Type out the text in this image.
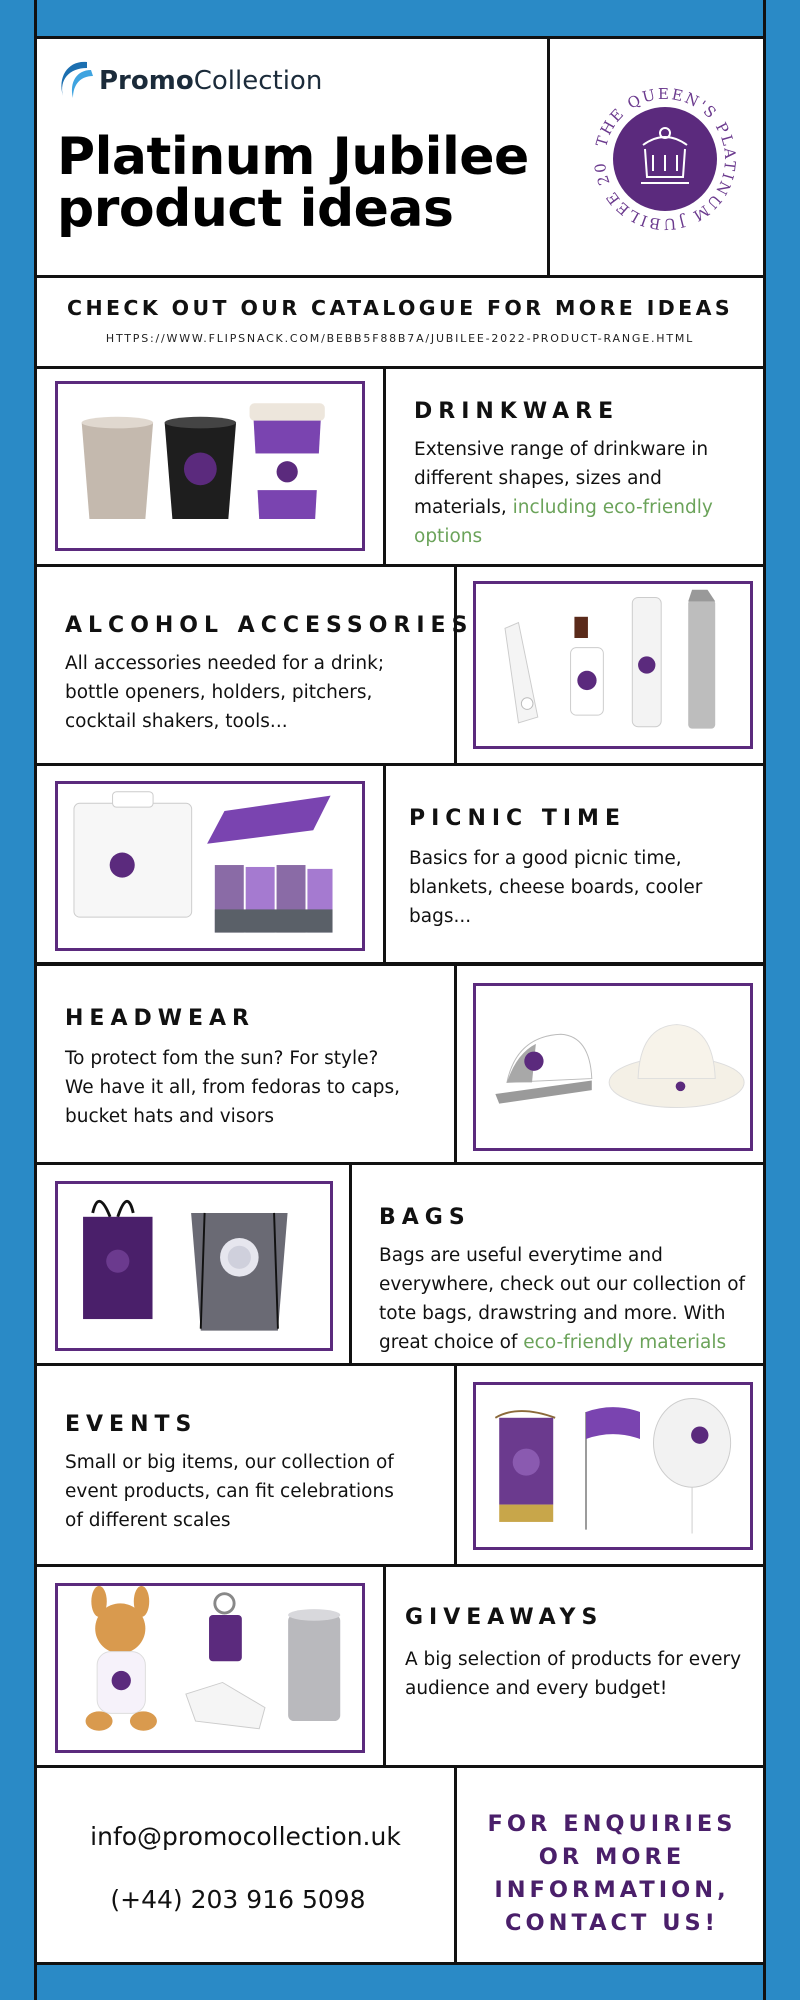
Promo Collection
Platinum Jubilee
product ideas
THE QUEEN'S PLATINUM JUBILEE 20
CHECK OUT OUR CATALOGUE FOR MORE IDEAS
HTTPS://WWW.FLIPSNACK.COM/BEBB5F88B7A/JUBILEE-2022-PRODUCT-RANGE.HTML
DRINKWARE
Extensive range of drinkware in different shapes, sizes and materials, including eco-friendly options
ALCOHOL ACCESSORIES
All accessories needed for a drink; bottle openers, holders, pitchers, cocktail shakers, tools...
PICNIC TIME
Basics for a good picnic time, blankets, cheese boards, cooler bags...
HEADWEAR
To protect fom the sun? For style? We have it all, from fedoras to caps, bucket hats and visors
BAGS
Bags are useful everytime and everywhere, check out our collection of tote bags, drawstring and more. With great choice of eco-friendly materials
EVENTS
Small or big items, our collection of event products, can fit celebrations of different scales
GIVEAWAYS
A big selection of products for every audience and every budget!
info@promocollection.uk
(+44) 203 916 5098
FOR ENQUIRIES OR MORE INFORMATION, CONTACT US!
